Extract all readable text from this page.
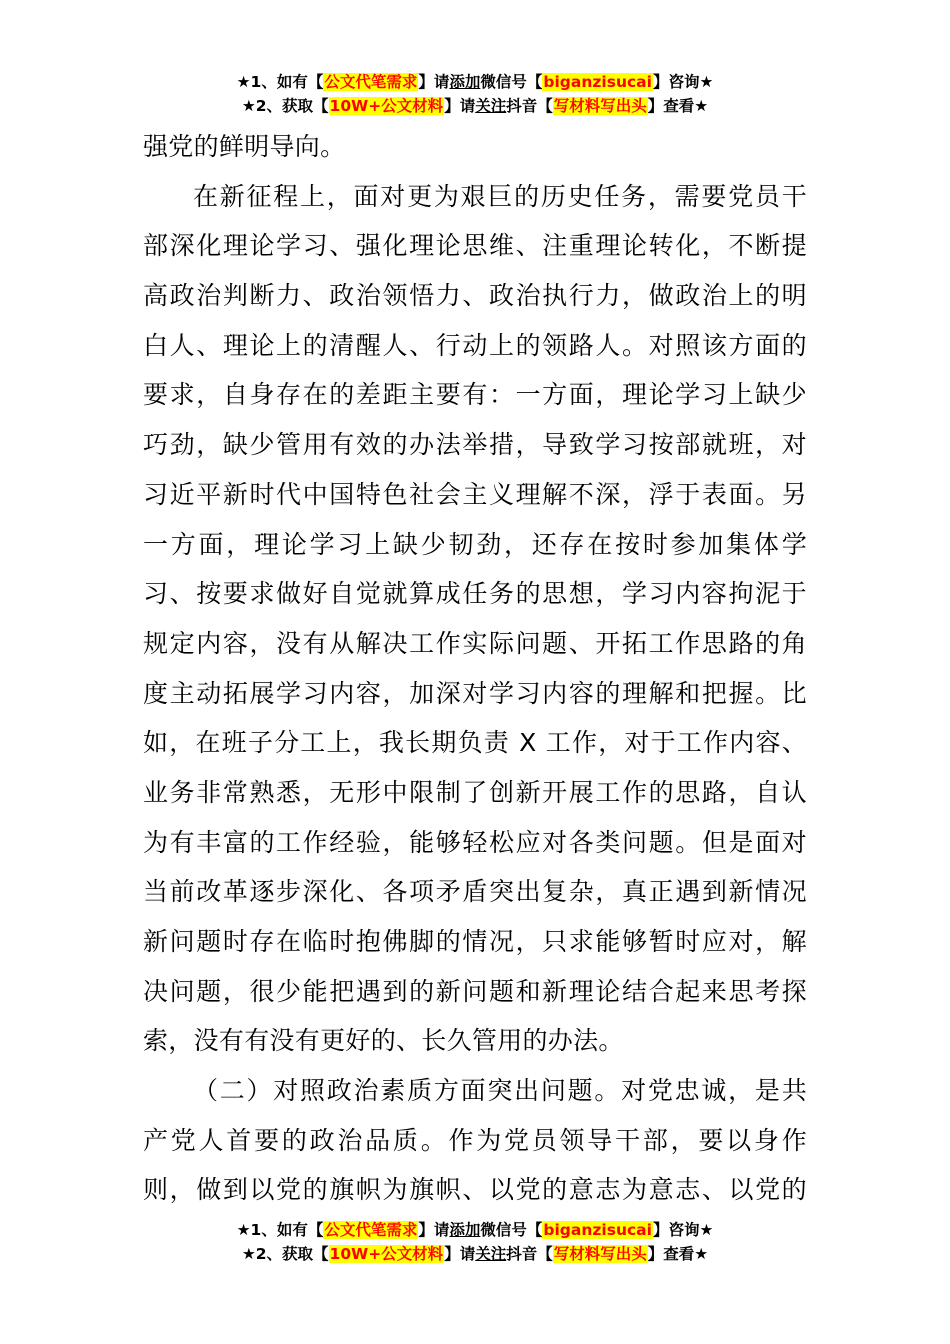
★1、如有【公文代笔需求】请添加微信号【biganzisucai】咨询★
★2、获取【10W+公文材料】请关注抖音【写材料写出头】查看★
强党的鲜明导向。
在新征程上，面对更为艰巨的历史任务，需要党员干
部深化理论学习、强化理论思维、注重理论转化，不断提
高政治判断力、政治领悟力、政治执行力，做政治上的明
白人、理论上的清醒人、行动上的领路人。对照该方面的
要求，自身存在的差距主要有：一方面，理论学习上缺少
巧劲，缺少管用有效的办法举措，导致学习按部就班，对
习近平新时代中国特色社会主义理解不深，浮于表面。另
一方面，理论学习上缺少韧劲，还存在按时参加集体学
习、按要求做好自觉就算成任务的思想，学习内容拘泥于
规定内容，没有从解决工作实际问题、开拓工作思路的角
度主动拓展学习内容，加深对学习内容的理解和把握。比
如，在班子分工上，我长期负责 X 工作，对于工作内容、
业务非常熟悉，无形中限制了创新开展工作的思路，自认
为有丰富的工作经验，能够轻松应对各类问题。但是面对
当前改革逐步深化、各项矛盾突出复杂，真正遇到新情况
新问题时存在临时抱佛脚的情况，只求能够暂时应对，解
决问题，很少能把遇到的新问题和新理论结合起来思考探
索，没有有没有更好的、长久管用的办法。
（二）对照政治素质方面突出问题。对党忠诚，是共
产党人首要的政治品质。作为党员领导干部，要以身作
则，做到以党的旗帜为旗帜、以党的意志为意志、以党的
★1、如有【公文代笔需求】请添加微信号【biganzisucai】咨询★
★2、获取【10W+公文材料】请关注抖音【写材料写出头】查看★
